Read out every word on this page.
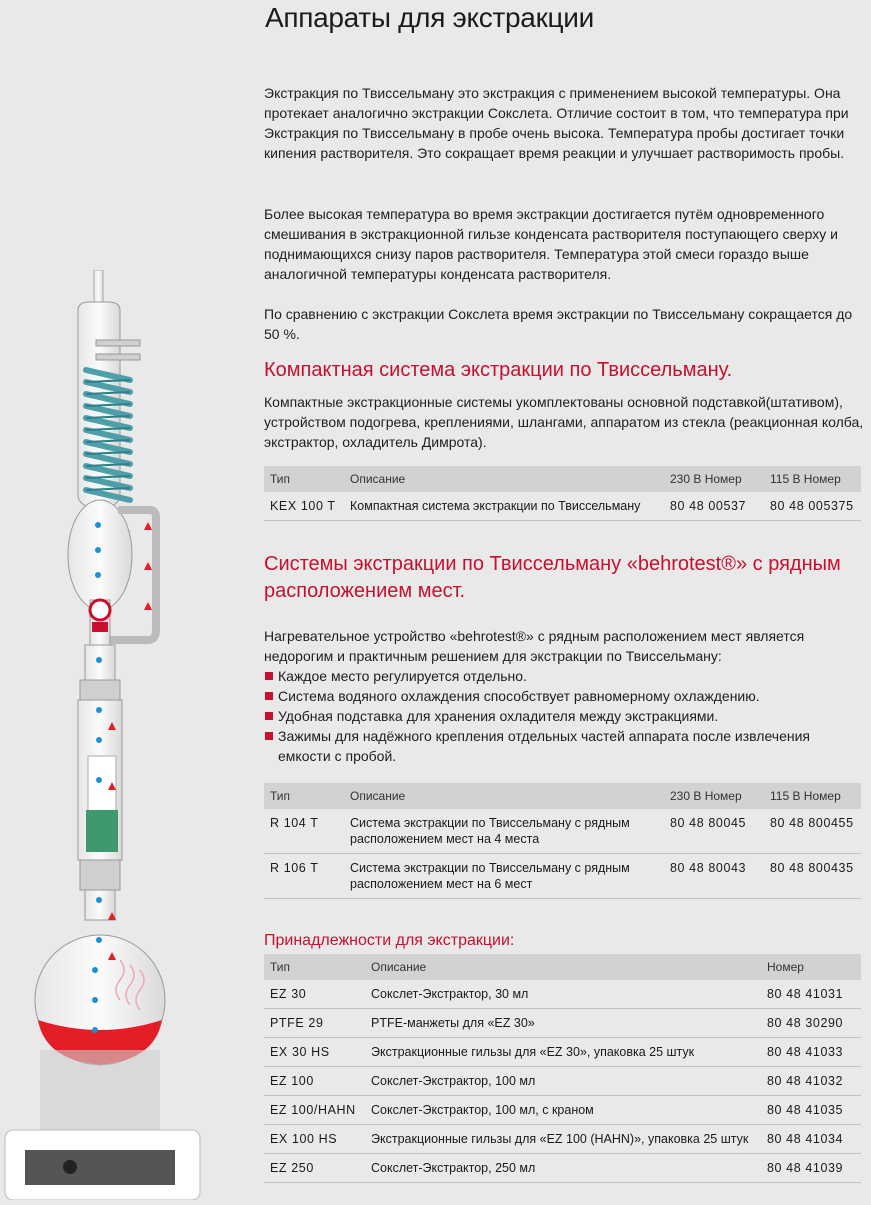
Аппараты для экстракции
Экстракция по Твиссельману это экстракция с применением высокой температуры. Она протекает аналогично экстракции Сокслета. Отличие состоит в том, что температура при Экстракция по Твиссельману в пробе очень высока. Температура пробы достигает точки кипения растворителя. Это сокращает время реакции и улучшает растворимость пробы.
Более высокая температура во время экстракции достигается путём одновременного смешивания в экстракционной гильзе конденсата растворителя поступающего сверху и поднимающихся снизу паров растворителя. Температура этой смеси гораздо выше аналогичной температуры конденсата растворителя.
По сравнению с экстракции Сокслета время экстракции по Твиссельману сокращается до 50 %.
Компактная система экстракции по Твиссельману.
Компактные экстракционные системы укомплектованы основной подставкой(штативом), устройством подогрева, креплениями, шлангами, аппаратом из стекла (реакционная колба, экстрактор, охладитель Димрота).
Тип	Описание	230 В Номер	115 В Номер
KEX 100 T	Компактная система экстракции по Твиссельману	80 48 00537	80 48 005375
Системы экстракции по Твиссельману «behrotest®» с рядным расположением мест.
Нагревательное устройство «behrotest®» с рядным расположением мест является недорогим и практичным решением для экстракции по Твиссельману:
Каждое место регулируется отдельно.
Система водяного охлаждения способствует равномерному охлаждению.
Удобная подставка для хранения охладителя между экстракциями.
Зажимы для надёжного крепления отдельных частей аппарата после извлечения емкости с пробой.
Тип	Описание	230 В Номер	115 В Номер
R 104 T	Система экстракции по Твиссельману с рядным расположением мест на 4 места	80 48 80045	80 48 800455
R 106 T	Система экстракции по Твиссельману с рядным расположением мест на 6 мест	80 48 80043	80 48 800435
Принадлежности для экстракции:
Тип	Описание	Номер
EZ 30	Сокслет-Экстрактор, 30 мл	80 48 41031
PTFE 29	PTFE-манжеты для «EZ 30»	80 48 30290
EX 30 HS	Экстракционные гильзы для «EZ 30», упаковка 25 штук	80 48 41033
EZ 100	Сокслет-Экстрактор, 100 мл	80 48 41032
EZ 100/HAHN	Сокслет-Экстрактор, 100 мл, с краном	80 48 41035
EX 100 HS	Экстракционные гильзы для «EZ 100 (HAHN)», упаковка 25 штук	80 48 41034
EZ 250	Сокслет-Экстрактор, 250 мл	80 48 41039
